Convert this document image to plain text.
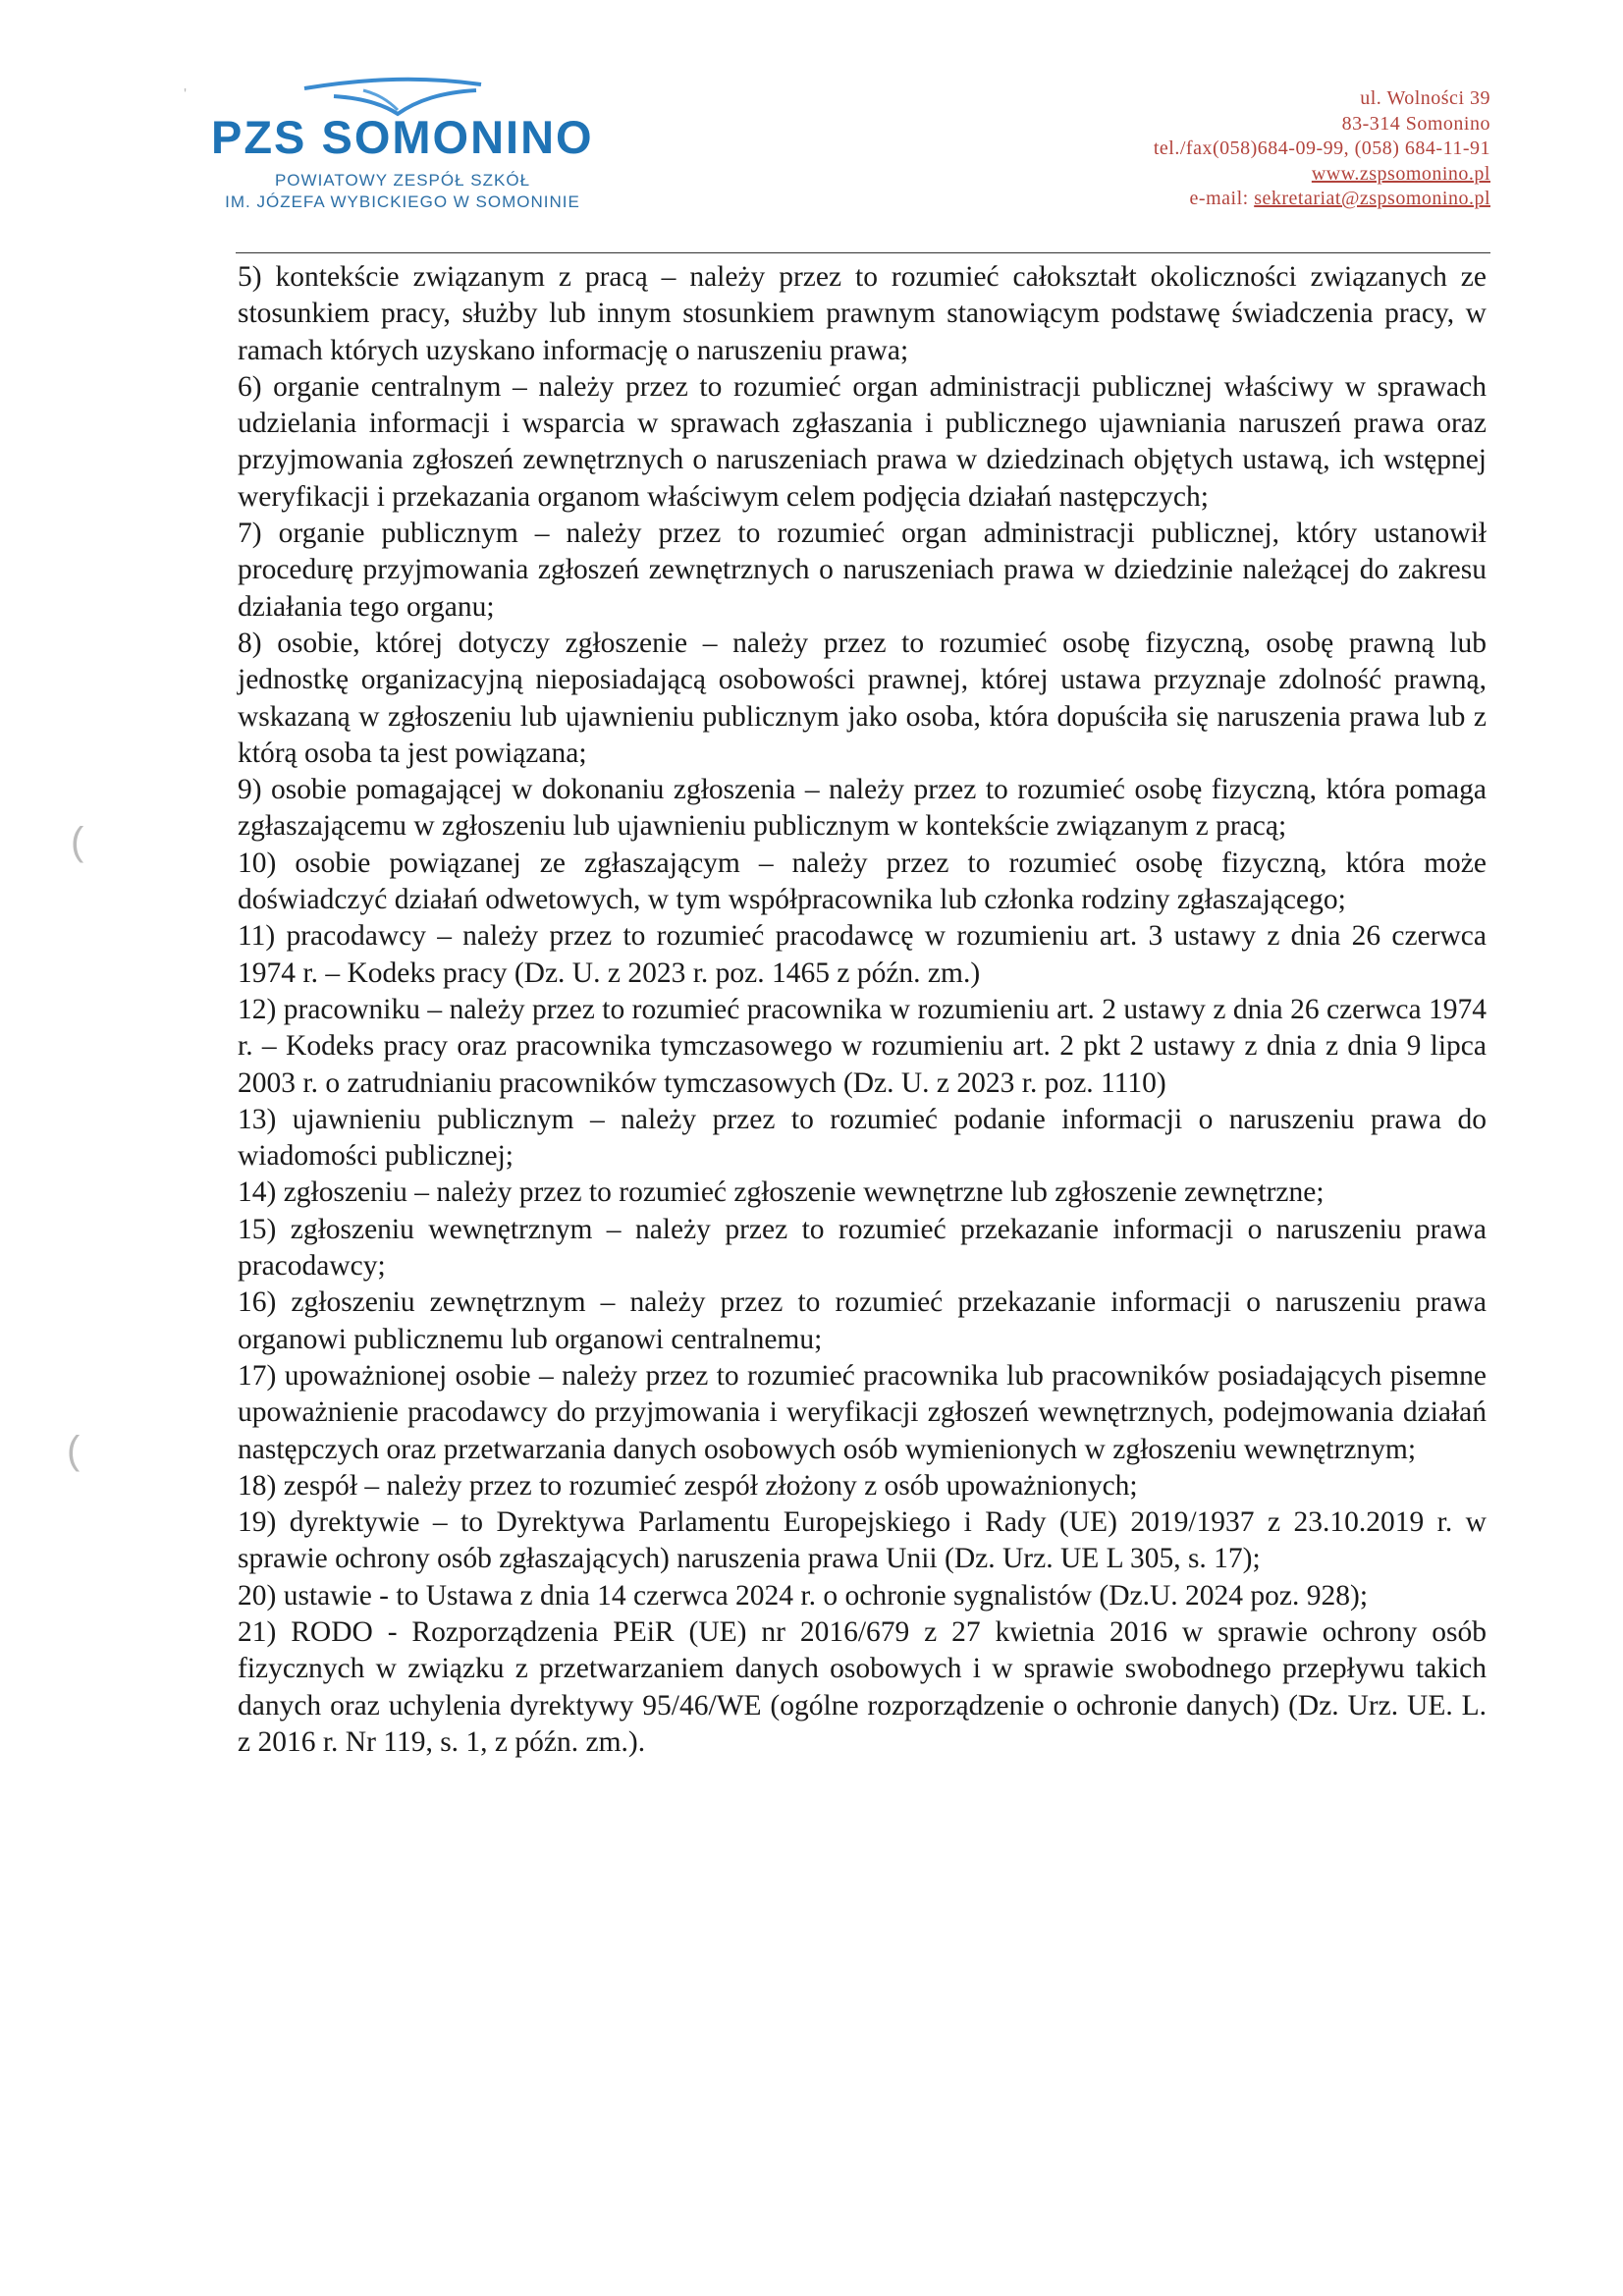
PZS SOMONINO
POWIATOWY ZESPÓŁ SZKÓŁ
IM. JÓZEFA WYBICKIEGO W SOMONINIE
ul. Wolności 39
83-314 Somonino
tel./fax(058)684-09-99, (058) 684-11-91
www.zspsomonino.pl
e-mail: sekretariat@zspsomonino.pl
'
(
(

5) kontekście związanym z pracą – należy przez to rozumieć całokształt okoliczności związanych ze stosunkiem pracy, służby lub innym stosunkiem prawnym stanowiącym podstawę świadczenia pracy, w ramach których uzyskano informację o naruszeniu prawa;

6) organie centralnym – należy przez to rozumieć organ administracji publicznej właściwy w sprawach udzielania informacji i wsparcia w sprawach zgłaszania i publicznego ujawniania naruszeń prawa oraz przyjmowania zgłoszeń zewnętrznych o naruszeniach prawa w dziedzinach objętych ustawą, ich wstępnej weryfikacji i przekazania organom właściwym celem podjęcia działań następczych;

7) organie publicznym – należy przez to rozumieć organ administracji publicznej, który ustanowił procedurę przyjmowania zgłoszeń zewnętrznych o naruszeniach prawa w dziedzinie należącej do zakresu działania tego organu;

8) osobie, której dotyczy zgłoszenie – należy przez to rozumieć osobę fizyczną, osobę prawną lub jednostkę organizacyjną nieposiadającą osobowości prawnej, której ustawa przyznaje zdolność prawną, wskazaną w zgłoszeniu lub ujawnieniu publicznym jako osoba, która dopuściła się naruszenia prawa lub z którą osoba ta jest powiązana;

9) osobie pomagającej w dokonaniu zgłoszenia – należy przez to rozumieć osobę fizyczną, która pomaga zgłaszającemu w zgłoszeniu lub ujawnieniu publicznym w kontekście związanym z pracą;

10) osobie powiązanej ze zgłaszającym – należy przez to rozumieć osobę fizyczną, która może doświadczyć działań odwetowych, w tym współpracownika lub członka rodziny zgłaszającego;

11) pracodawcy – należy przez to rozumieć pracodawcę w rozumieniu art. 3 ustawy z dnia 26 czerwca 1974 r. – Kodeks pracy (Dz. U. z 2023 r. poz. 1465 z późn. zm.)

12) pracowniku – należy przez to rozumieć pracownika w rozumieniu art. 2 ustawy z dnia 26 czerwca 1974 r. – Kodeks pracy oraz pracownika tymczasowego w rozumieniu art. 2 pkt 2 ustawy z dnia z dnia 9 lipca 2003 r. o zatrudnianiu pracowników tymczasowych (Dz. U. z 2023 r. poz. 1110)

13) ujawnieniu publicznym – należy przez to rozumieć podanie informacji o naruszeniu prawa do wiadomości publicznej;

14) zgłoszeniu – należy przez to rozumieć zgłoszenie wewnętrzne lub zgłoszenie zewnętrzne;

15) zgłoszeniu wewnętrznym – należy przez to rozumieć przekazanie informacji o naruszeniu prawa pracodawcy;

16) zgłoszeniu zewnętrznym – należy przez to rozumieć przekazanie informacji o naruszeniu prawa organowi publicznemu lub organowi centralnemu;

17) upoważnionej osobie – należy przez to rozumieć pracownika lub pracowników posiadających pisemne upoważnienie pracodawcy do przyjmowania i weryfikacji zgłoszeń wewnętrznych, podejmowania działań następczych oraz przetwarzania danych osobowych osób wymienionych w zgłoszeniu wewnętrznym;

18) zespół – należy przez to rozumieć zespół złożony z osób upoważnionych;

19) dyrektywie – to Dyrektywa Parlamentu Europejskiego i Rady (UE) 2019/1937 z 23.10.2019 r. w sprawie ochrony osób zgłaszających) naruszenia prawa Unii (Dz. Urz. UE L 305, s. 17);

20) ustawie - to Ustawa z dnia 14 czerwca 2024 r. o ochronie sygnalistów (Dz.U. 2024 poz. 928);

21) RODO - Rozporządzenia PEiR (UE) nr 2016/679 z 27 kwietnia 2016 w sprawie ochrony osób fizycznych w związku z przetwarzaniem danych osobowych i w sprawie swobodnego przepływu takich danych oraz uchylenia dyrektywy 95/46/WE (ogólne rozporządzenie o ochronie danych) (Dz. Urz. UE. L. z 2016 r. Nr 119, s. 1, z późn. zm.).
